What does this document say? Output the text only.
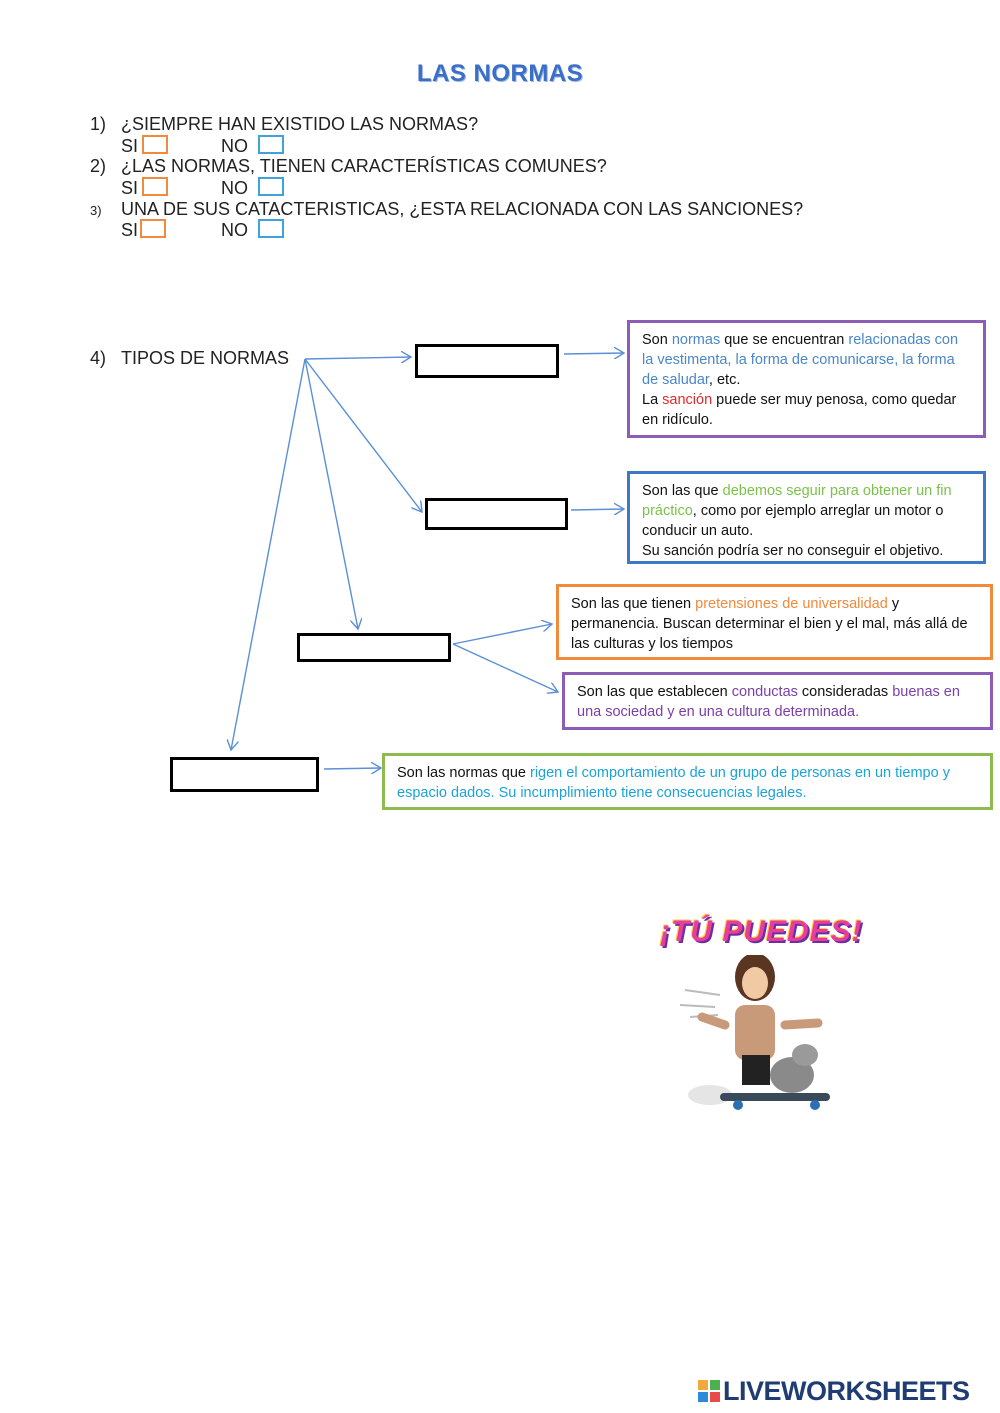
LAS NORMAS
1) ¿SIEMPRE HAN EXISTIDO LAS NORMAS?
SI	NO
2) ¿LAS NORMAS, TIENEN CARACTERÍSTICAS COMUNES?
SI	NO
3) UNA DE SUS CATACTERISTICAS, ¿ESTA RELACIONADA CON LAS SANCIONES?
SI	NO
4) TIPOS DE NORMAS
Son normas que se encuentran relacionadas con la vestimenta, la forma de comunicarse, la forma de saludar, etc.
La sanción puede ser muy penosa, como quedar en ridículo.
Son las que debemos seguir para obtener un fin práctico, como por ejemplo arreglar un motor o conducir un auto.
Su sanción podría ser no conseguir el objetivo.
Son las que tienen pretensiones de universalidad y permanencia. Buscan determinar el bien y el mal, más allá de las culturas y los tiempos
Son las que establecen conductas consideradas buenas en una sociedad y en una cultura determinada.
Son las normas que rigen el comportamiento de un grupo de personas en un tiempo y espacio dados. Su incumplimiento tiene consecuencias legales.
¡TÚ PUEDES!
LIVEWORKSHEETS
